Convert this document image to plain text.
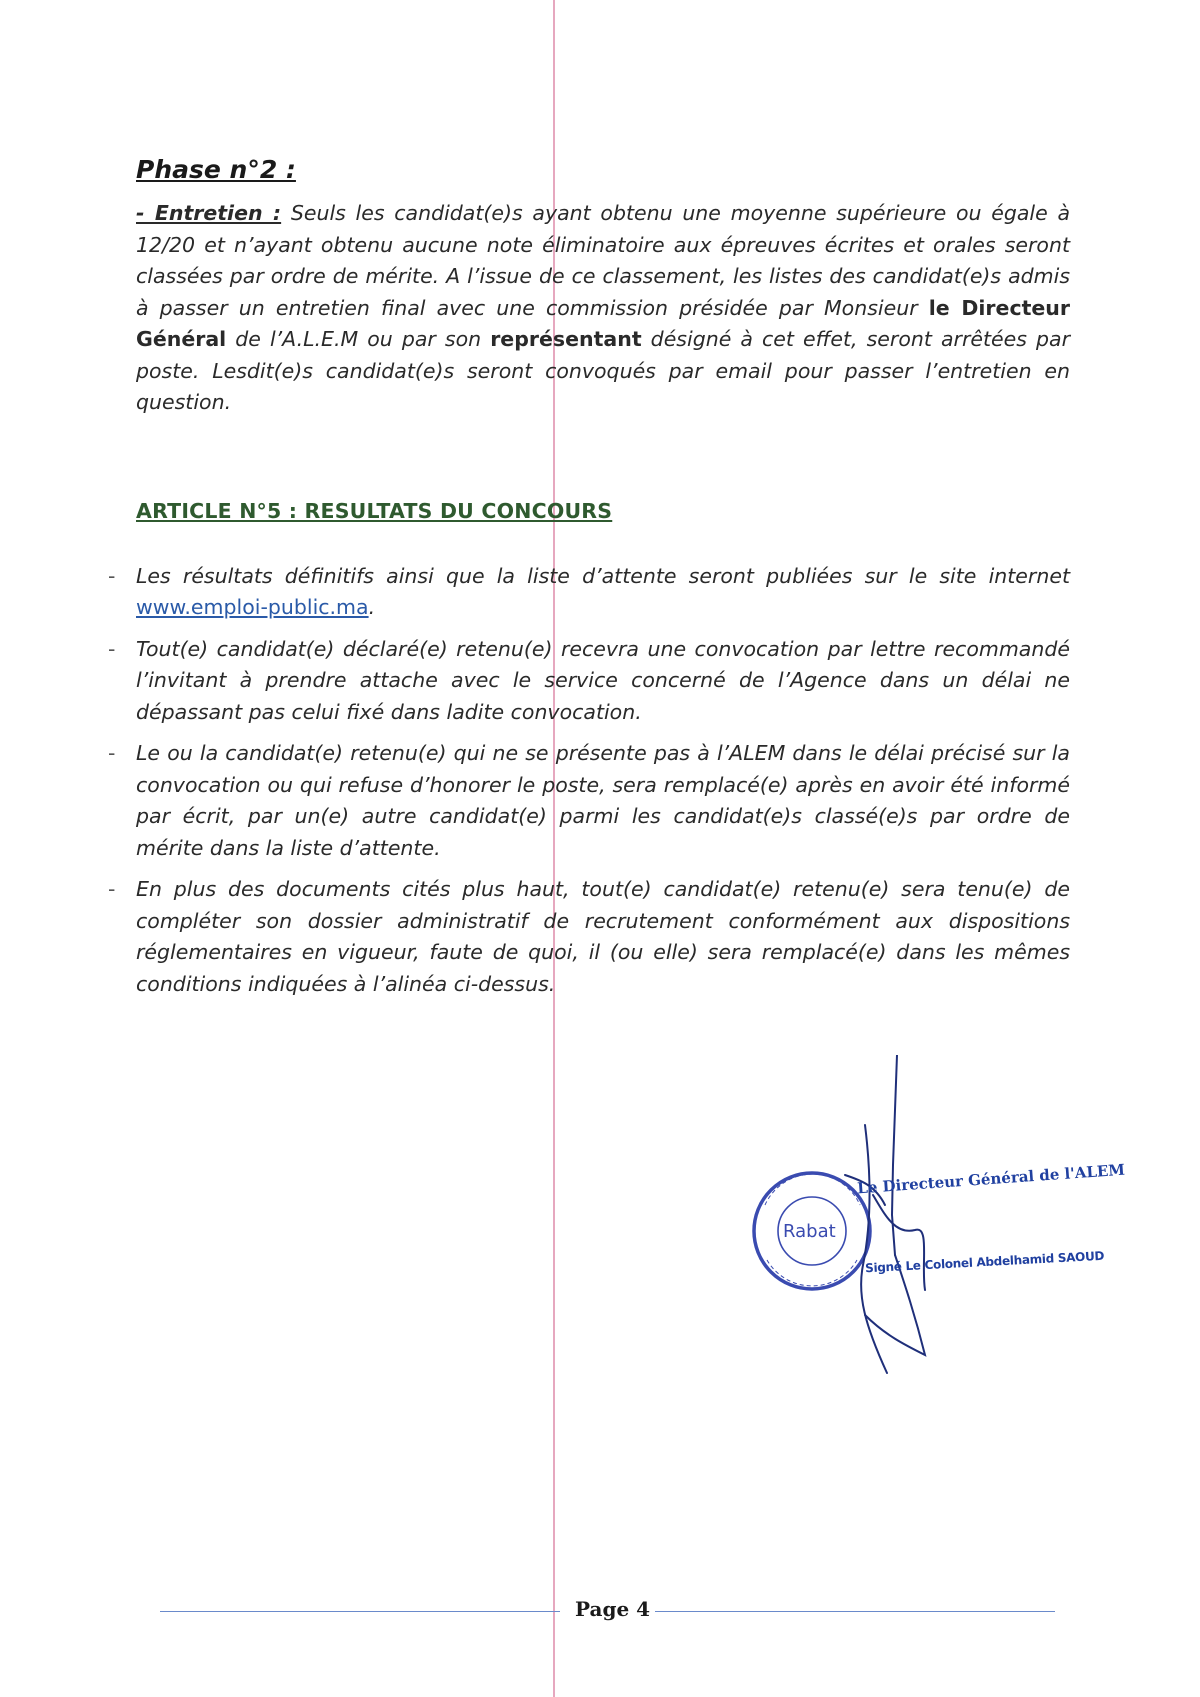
Phase n°2 :

- Entretien : Seuls les candidat(e)s ayant obtenu une moyenne supérieure ou égale à 12/20 et n’ayant obtenu aucune note éliminatoire aux épreuves écrites et orales seront classées par ordre de mérite. A l’issue de ce classement, les listes des candidat(e)s admis à passer un entretien final avec une commission présidée par Monsieur le Directeur Général de l’A.L.E.M ou par son représentant désigné à cet effet, seront arrêtées par poste. Lesdit(e)s candidat(e)s seront convoqués par email pour passer l’entretien en question.

ARTICLE N°5 : RESULTATS DU CONCOURS
- Les résultats définitifs ainsi que la liste d’attente seront publiées sur le site internet www.emploi-public.ma.
- Tout(e) candidat(e) déclaré(e) retenu(e) recevra une convocation par lettre recommandé l’invitant à prendre attache avec le service concerné de l’Agence dans un délai ne dépassant pas celui fixé dans ladite convocation.
- Le ou la candidat(e) retenu(e) qui ne se présente pas à l’ALEM dans le délai précisé sur la convocation ou qui refuse d’honorer le poste, sera remplacé(e) après en avoir été informé par écrit, par un(e) autre candidat(e) parmi les candidat(e)s classé(e)s par ordre de mérite dans la liste d’attente.
- En plus des documents cités plus haut, tout(e) candidat(e) retenu(e) sera tenu(e) de compléter son dossier administratif de recrutement conformément aux dispositions réglementaires en vigueur, faute de quoi, il (ou elle) sera remplacé(e) dans les mêmes conditions indiquées à l’alinéa ci-dessus.
Rabat
Le Directeur Général de l'ALEM
Signé Le Colonel Abdelhamid SAOUD
Page 4
